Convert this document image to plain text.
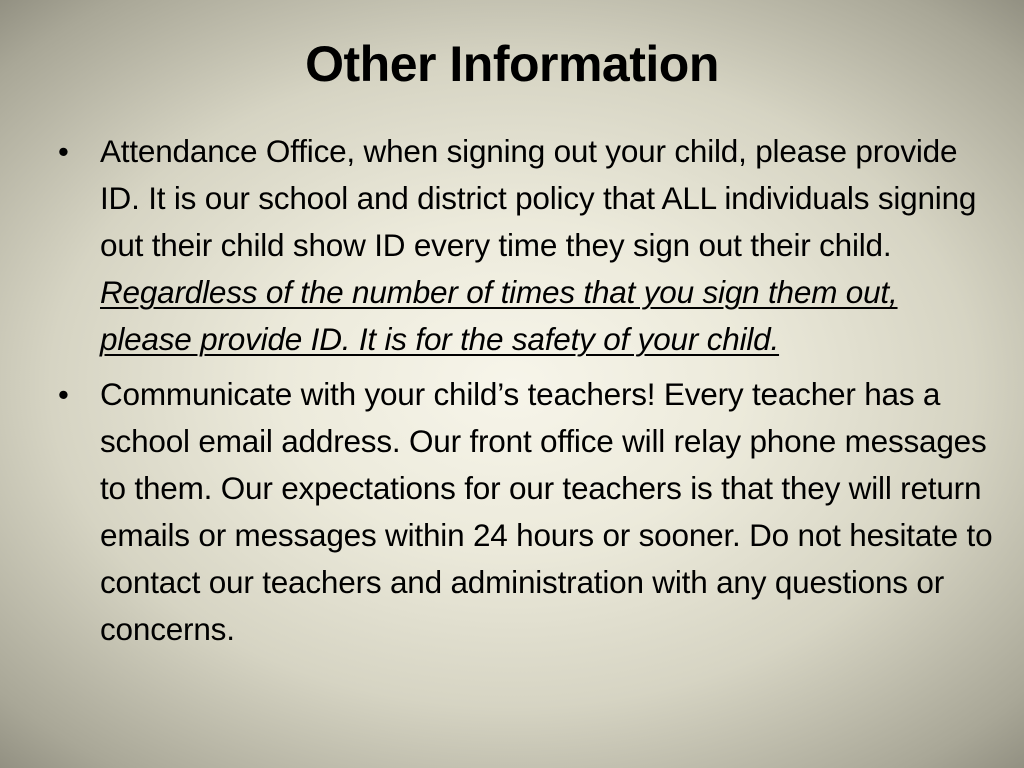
Other Information
• Attendance Office, when signing out your child, please provide ID. It is our school and district policy that ALL individuals signing out their child show ID every time they sign out their child. Regardless of the number of times that you sign them out, please provide ID. It is for the safety of your child.
• Communicate with your child’s teachers! Every teacher has a school email address. Our front office will relay phone messages to them. Our expectations for our teachers is that they will return emails or messages within 24 hours or sooner. Do not hesitate to contact our teachers and administration with any questions or concerns.
